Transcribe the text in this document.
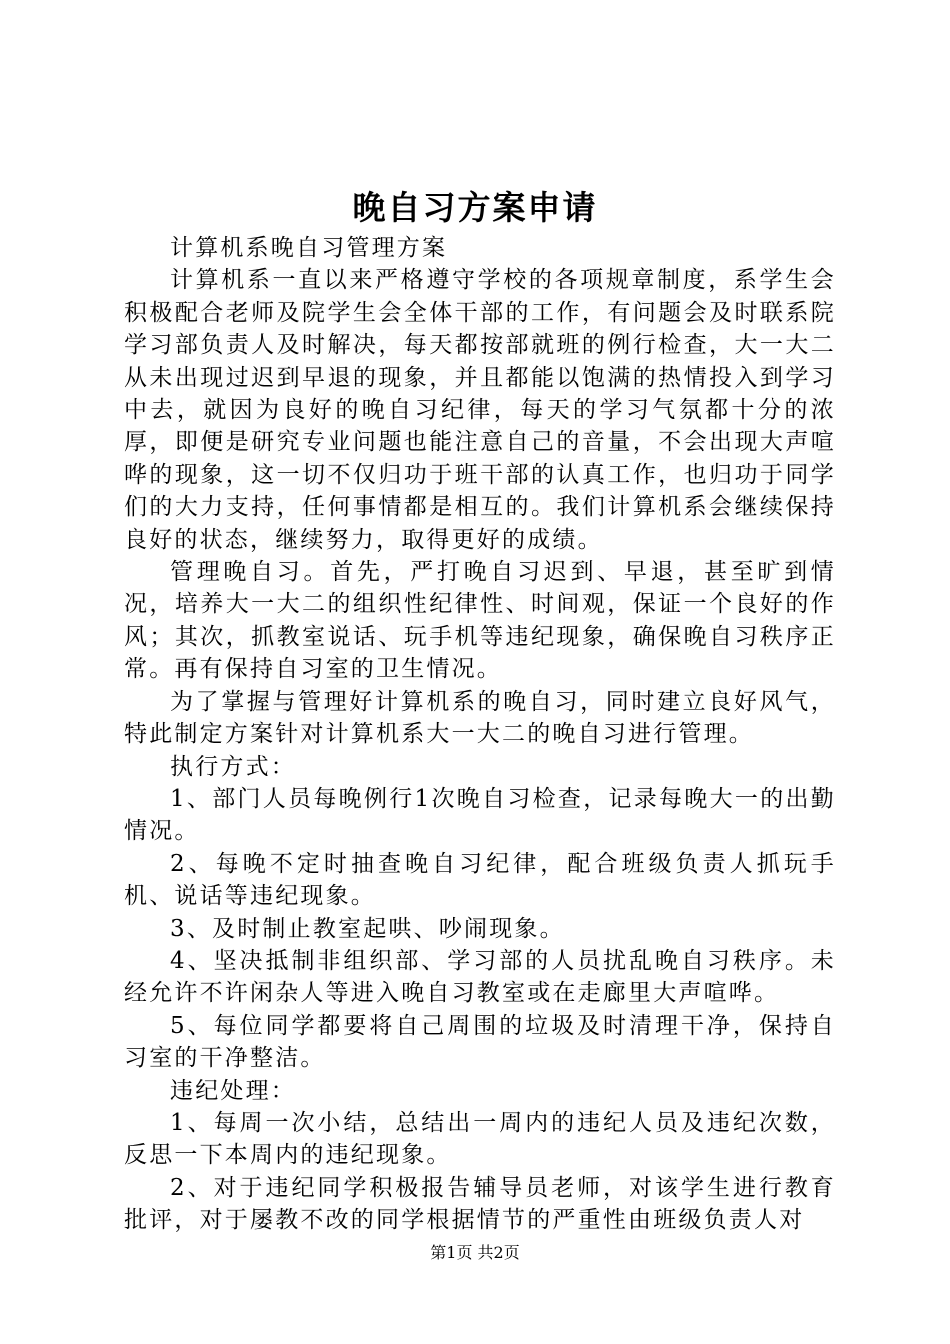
晚自习方案申请

计算机系晚自习管理方案

计算机系一直以来严格遵守学校的各项规章制度，系学生会积极配合老师及院学生会全体干部的工作，有问题会及时联系院学习部负责人及时解决，每天都按部就班的例行检查，大一大二从未出现过迟到早退的现象，并且都能以饱满的热情投入到学习中去，就因为良好的晚自习纪律，每天的学习气氛都十分的浓厚，即便是研究专业问题也能注意自己的音量，不会出现大声喧哗的现象，这一切不仅归功于班干部的认真工作，也归功于同学们的大力支持，任何事情都是相互的。我们计算机系会继续保持良好的状态，继续努力，取得更好的成绩。

管理晚自习。首先，严打晚自习迟到、早退，甚至旷到情况，培养大一大二的组织性纪律性、时间观，保证一个良好的作风；其次，抓教室说话、玩手机等违纪现象，确保晚自习秩序正常。再有保持自习室的卫生情况。

为了掌握与管理好计算机系的晚自习，同时建立良好风气，特此制定方案针对计算机系大一大二的晚自习进行管理。

执行方式：

1、部门人员每晚例行1次晚自习检查，记录每晚大一的出勤情况。

2、每晚不定时抽查晚自习纪律，配合班级负责人抓玩手机、说话等违纪现象。

3、及时制止教室起哄、吵闹现象。

4、坚决抵制非组织部、学习部的人员扰乱晚自习秩序。未经允许不许闲杂人等进入晚自习教室或在走廊里大声喧哗。

5、每位同学都要将自己周围的垃圾及时清理干净，保持自习室的干净整洁。

违纪处理：

1、每周一次小结，总结出一周内的违纪人员及违纪次数，反思一下本周内的违纪现象。

2、对于违纪同学积极报告辅导员老师，对该学生进行教育批评，对于屡教不改的同学根据情节的严重性由班级负责人对

第1页 共2页
